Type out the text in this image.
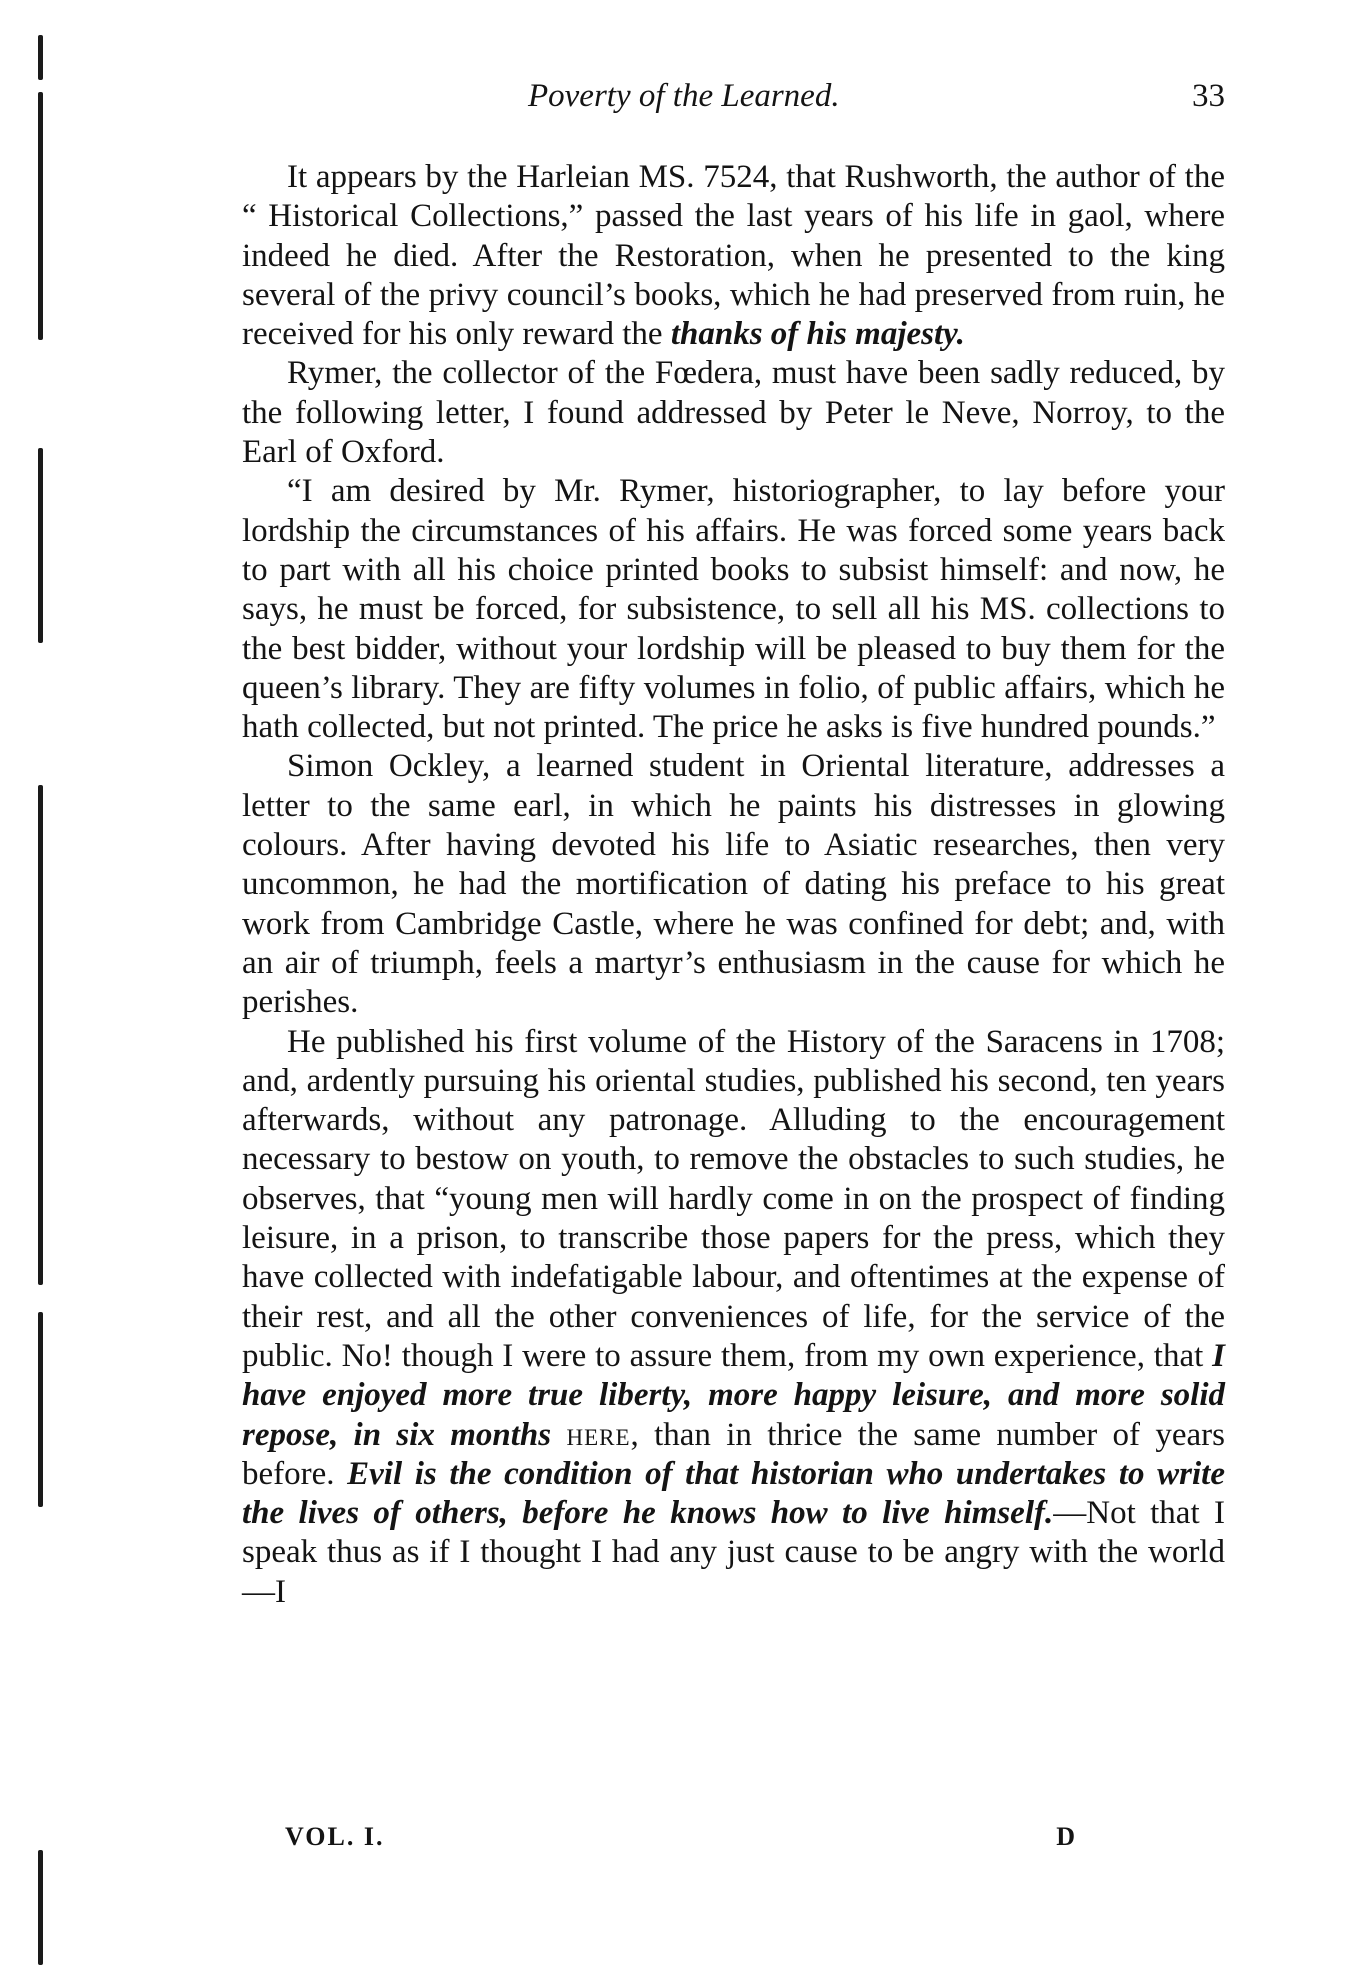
Poverty of the Learned.	33

It appears by the Harleian MS. 7524, that Rushworth, the author of the “ Historical Collections,” passed the last years of his life in gaol, where indeed he died. After the Restoration, when he presented to the king several of the privy council’s books, which he had preserved from ruin, he received for his only reward the thanks of his majesty.

Rymer, the collector of the Fœdera, must have been sadly reduced, by the following letter, I found addressed by Peter le Neve, Norroy, to the Earl of Oxford.

“I am desired by Mr. Rymer, historiographer, to lay before your lordship the circumstances of his affairs. He was forced some years back to part with all his choice printed books to subsist himself: and now, he says, he must be forced, for subsistence, to sell all his MS. collections to the best bidder, without your lordship will be pleased to buy them for the queen’s library. They are fifty volumes in folio, of public affairs, which he hath collected, but not printed. The price he asks is five hundred pounds.”

Simon Ockley, a learned student in Oriental literature, addresses a letter to the same earl, in which he paints his distresses in glowing colours. After having devoted his life to Asiatic researches, then very uncommon, he had the mortification of dating his preface to his great work from Cambridge Castle, where he was confined for debt; and, with an air of triumph, feels a martyr’s enthusiasm in the cause for which he perishes.

He published his first volume of the History of the Saracens in 1708; and, ardently pursuing his oriental studies, published his second, ten years afterwards, without any patronage. Alluding to the encouragement necessary to bestow on youth, to remove the obstacles to such studies, he observes, that “young men will hardly come in on the prospect of finding leisure, in a prison, to transcribe those papers for the press, which they have collected with indefatigable labour, and oftentimes at the expense of their rest, and all the other conveniences of life, for the service of the public. No! though I were to assure them, from my own experience, that I have enjoyed more true liberty, more happy leisure, and more solid repose, in six months here, than in thrice the same number of years before. Evil is the condition of that historian who undertakes to write the lives of others, before he knows how to live himself.—Not that I speak thus as if I thought I had any just cause to be angry with the world—I

VOL. I.	D
